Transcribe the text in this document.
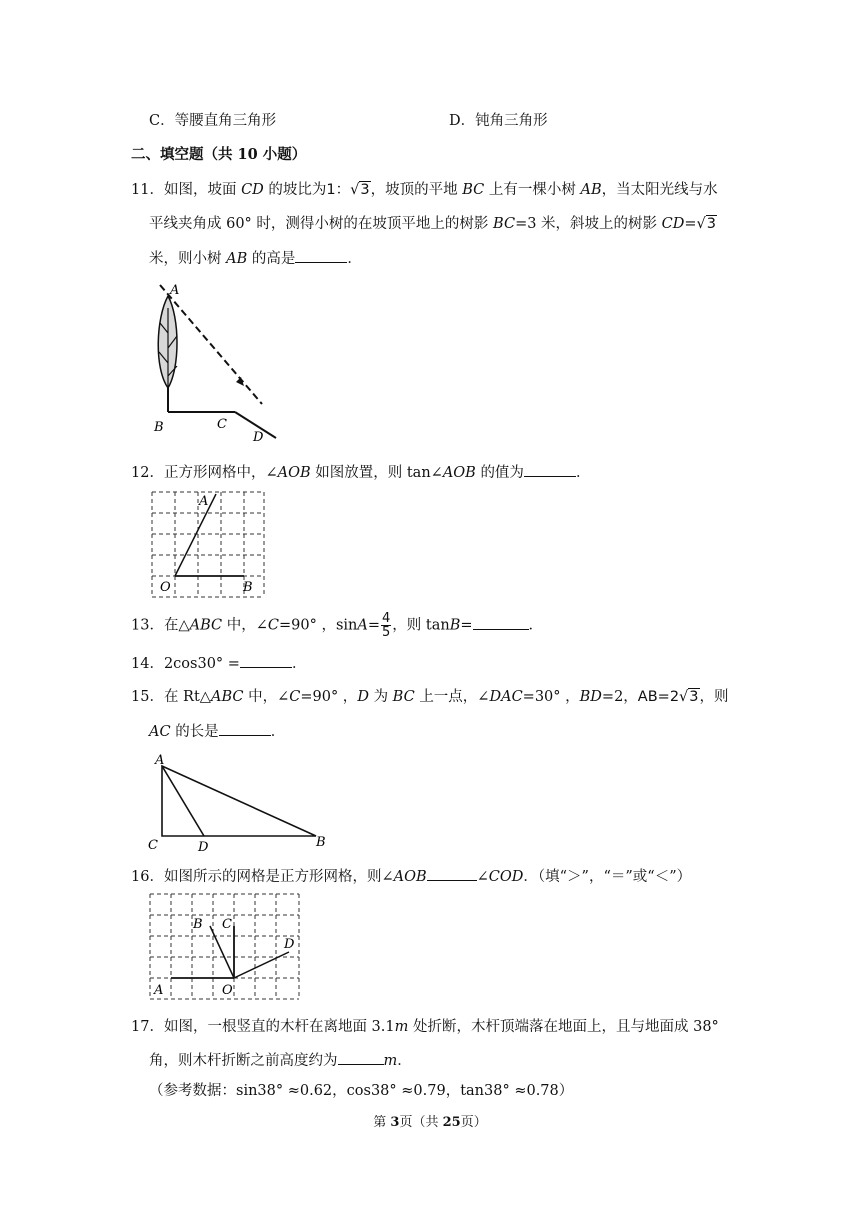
C．等腰直角三角形	D．钝角三角形
二、填空题（共 10 小题）
11．如图，坡面 CD 的坡比为1：√3，坡顶的平地 BC 上有一棵小树 AB，当太阳光线与水
平线夹角成 60° 时，测得小树的在坡顶平地上的树影 BC=3 米，斜坡上的树影 CD=√3
米，则小树 AB 的高是	．
A
B	C
D
12．正方形网格中，∠AOB 如图放置，则 tan∠AOB 的值为	．
A
O	B
13．在△ABC 中，∠C=90° ，$\sin A= \frac{4}{5}$ ，则 tanB=	．
14．2cos30° =	．
15．在 Rt△ABC 中，∠C=90° ，D 为 BC 上一点，∠DAC=30° ，BD=2，AB=2√3，则
AC 的长是	．
A
C	D	B
16．如图所示的网格是正方形网格，则∠AOB	∠COD．（填“＞”，“＝”或“＜”）
B C
D
A	O
17．如图，一根竖直的木杆在离地面 3.1m 处折断，木杆顶端落在地面上，且与地面成 38°
角，则木杆折断之前高度约为	m．
（参考数据：sin38° ≈0.62，cos38° ≈0.79，tan38° ≈0.78）
第 3页（共 25页）
